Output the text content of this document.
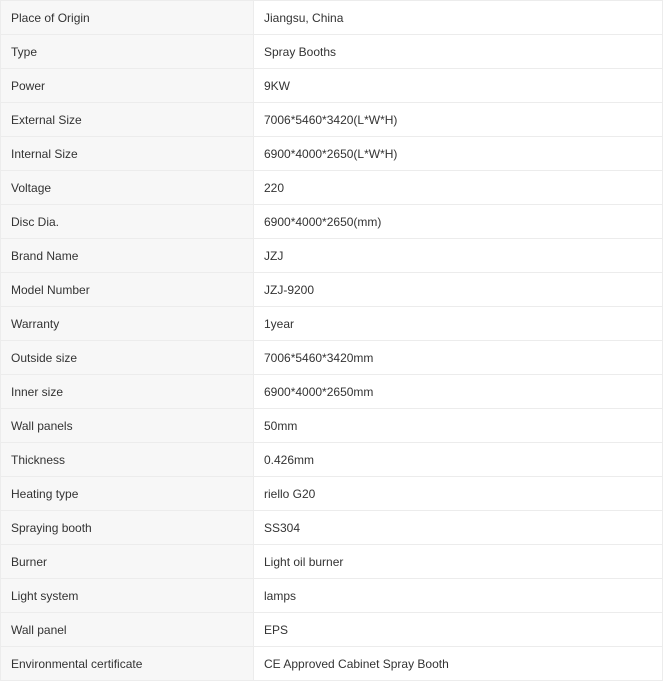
Place of Origin	Jiangsu, China
Type	Spray Booths
Power	9KW
External Size	7006*5460*3420(L*W*H)
Internal Size	6900*4000*2650(L*W*H)
Voltage	220
Disc Dia.	6900*4000*2650(mm)
Brand Name	JZJ
Model Number	JZJ-9200
Warranty	1year
Outside size	7006*5460*3420mm
Inner size	6900*4000*2650mm
Wall panels	50mm
Thickness	0.426mm
Heating type	riello G20
Spraying booth	SS304
Burner	Light oil burner
Light system	lamps
Wall panel	EPS
Environmental certificate	CE Approved Cabinet Spray Booth
